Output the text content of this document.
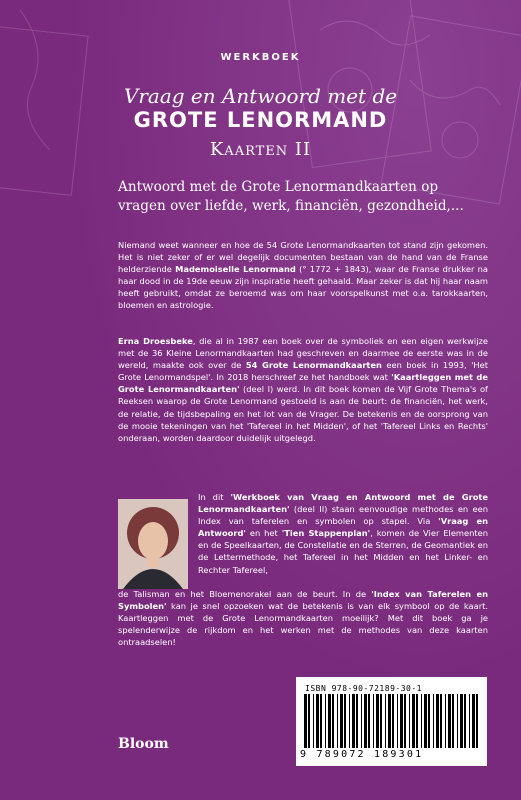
WERKBOEK
Vraag en Antwoord met de
GROTE LENORMAND
Kaarten II
Antwoord met de Grote Lenormandkaarten op vragen over liefde, werk, financiën, gezondheid,...
Niemand weet wanneer en hoe de 54 Grote Lenormandkaarten tot stand zijn gekomen. Het is niet zeker of er wel degelijk documenten bestaan van de hand van de Franse helderziende Mademoiselle Lenormand (° 1772 + 1843), waar de Franse drukker na haar dood in de 19de eeuw zijn inspiratie heeft gehaald. Maar zeker is dat hij haar naam heeft gebruikt, omdat ze beroemd was om haar voorspelkunst met o.a. tarokkaarten, bloemen en astrologie.
Erna Droesbeke, die al in 1987 een boek over de symboliek en een eigen werkwijze met de 36 Kleine Lenormandkaarten had geschreven en daarmee de eerste was in de wereld, maakte ook over de 54 Grote Lenormandkaarten een boek in 1993, 'Het Grote Lenormandspel'. In 2018 herschreef ze het handboek wat 'Kaartleggen met de Grote Lenormandkaarten' (deel I) werd. In dit boek komen de Vijf Grote Thema's of Reeksen waarop de Grote Lenormand gestoeld is aan de beurt: de financiën, het werk, de relatie, de tijdsbepaling en het lot van de Vrager. De betekenis en de oorsprong van de mooie tekeningen van het 'Tafereel in het Midden', of het 'Tafereel Links en Rechts' onderaan, worden daardoor duidelijk uitgelegd.
In dit 'Werkboek van Vraag en Antwoord met de Grote Lenormandkaarten' (deel II) staan eenvoudige methodes en een Index van taferelen en symbolen op stapel. Via 'Vraag en Antwoord' en het 'Tien Stappenplan', komen de Vier Elementen en de Speelkaarten, de Constellatie en de Sterren, de Geomantiek en de Lettermethode, het Tafereel in het Midden en het Linker- en Rechter Tafereel,
de Talisman en het Bloemenorakel aan de beurt. In de 'Index van Taferelen en Symbolen' kan je snel opzoeken wat de betekenis is van elk symbool op de kaart. Kaartleggen met de Grote Lenormandkaarten moeilijk? Met dit boek ga je spelenderwijze de rijkdom en het werken met de methodes van deze kaarten ontraadselen!
ISBN 978-90-72189-30-1
9 789072 189301
Bloom
